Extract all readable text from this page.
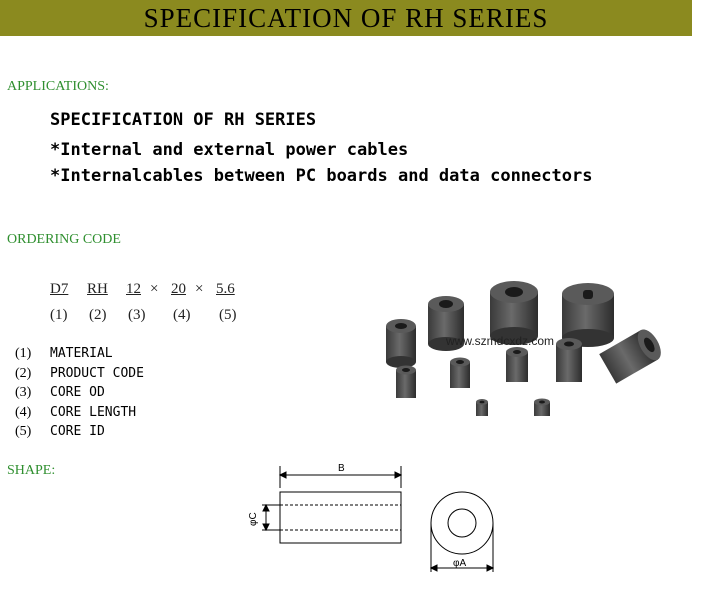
SPECIFICATION OF RH SERIES
APPLICATIONS:
SPECIFICATION OF RH SERIES
*Internal and external power cables
*Internalcables between PC boards and data connectors
ORDERING CODE
D7 RH 12 × 20 × 5.6
(1) (2) (3) (4) (5)
(1)	MATERIAL
(2)	PRODUCT CODE
(3)	CORE OD
(4)	CORE LENGTH
(5)	CORE ID
www.szmdcxdz.com
SHAPE:	B
φC
φA
